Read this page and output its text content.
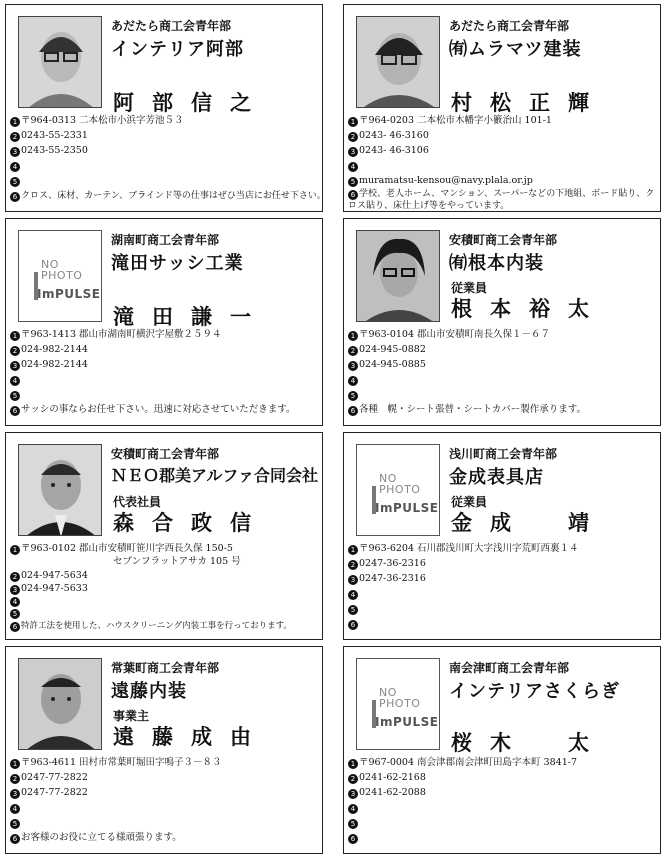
あだたら商工会青年部
インテリア阿部
阿部信之
1 〒964-0313 二本松市小浜字芳池５３
2 0243-55-2331
3 0243-55-2350
4
5
6 クロス、床材、カーテン、ブラインド等の仕事はぜひ当店にお任せ下さい。
あだたら商工会青年部
㈲ムラマツ建装
村松正輝
1 〒964-0203 二本松市木幡字小籔治山 101-1
2 0243- 46-3160
3 0243- 46-3106
4
5 muramatsu-kensou@navy.plala.or.jp
6 学校、老人ホーム、マンション、スーパーなどの下地組、ボード貼り、クロス貼り、床仕上げ等をやっています。
NO
PHOTO
ImPULSE
湖南町商工会青年部
滝田サッシ工業
滝田謙一
1 〒963-1413 郡山市湖南町横沢字屋敷２５９４
2 024-982-2144
3 024-982-2144
4
5
6 サッシの事ならお任せ下さい。迅速に対応させていただきます。
安積町商工会青年部
㈲根本内装
従業員
根本裕太
1 〒963-0104 郡山市安積町南長久保１－６７
2 024-945-0882
3 024-945-0885
4
5
6 各種　幌・シート張替・シートカバー製作承ります。
安積町商工会青年部
ＮＥＯ郡美アルファ合同会社
代表社員
森合政信
1 〒963-0102 郡山市安積町笹川字西長久保 150-5
セブンフラットアサカ 105 号
2 024-947-5634
3 024-947-5633
4
5
6 特許工法を使用した、ハウスクリーニング内装工事を行っております。
NO
PHOTO
ImPULSE
浅川町商工会青年部
金成表具店
従業員
金成　靖
1 〒963-6204 石川郡浅川町大字浅川字荒町西裏１４
2 0247-36-2316
3 0247-36-2316
4
5
6
常葉町商工会青年部
遠藤内装
事業主
遠藤成由
1 〒963-4611 田村市常葉町堀田字鳴子３－８３
2 0247-77-2822
3 0247-77-2822
4
5
6 お客様のお役に立てる様頑張ります。
NO
PHOTO
ImPULSE
南会津町商工会青年部
インテリアさくらぎ
桜木　太
1 〒967-0004 南会津郡南会津町田島字本町 3841-7
2 0241-62-2168
3 0241-62-2088
4
5
6
